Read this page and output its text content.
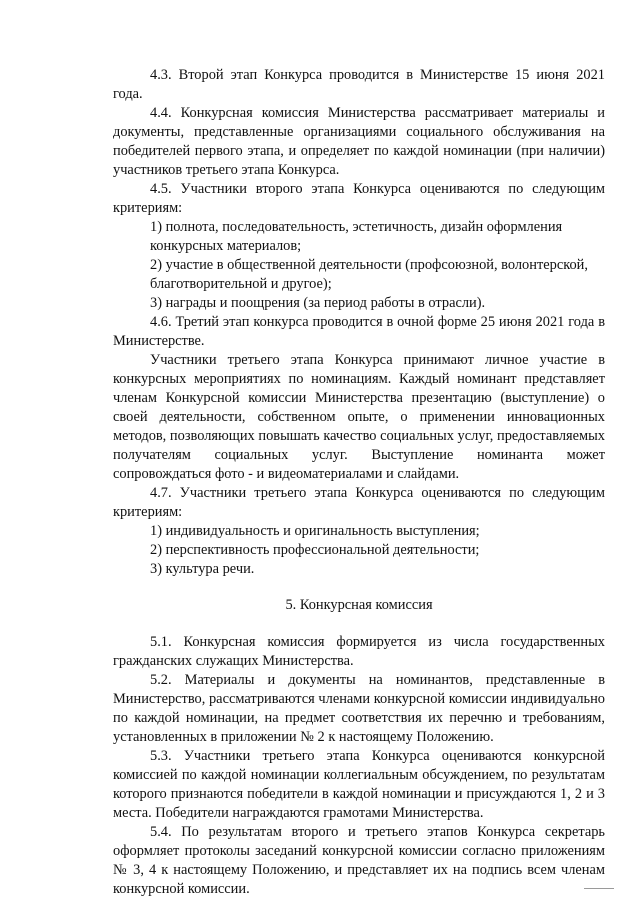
4.3. Второй этап Конкурса проводится в Министерстве 15 июня 2021 года.

4.4. Конкурсная комиссия Министерства рассматривает материалы и документы, представленные организациями социального обслуживания на победителей первого этапа, и определяет по каждой номинации (при наличии) участников третьего этапа Конкурса.

4.5. Участники второго этапа Конкурса оцениваются по следующим критериям:

1) полнота, последовательность, эстетичность, дизайн оформления конкурсных материалов;

2) участие в общественной деятельности (профсоюзной, волонтерской, благотворительной и другое);

3) награды и поощрения (за период работы в отрасли).

4.6. Третий этап конкурса проводится в очной форме 25 июня 2021 года в Министерстве.

Участники третьего этапа Конкурса принимают личное участие в конкурсных мероприятиях по номинациям. Каждый номинант представляет членам Конкурсной комиссии Министерства презентацию (выступление) о своей деятельности, собственном опыте, о применении инновационных методов, позволяющих повышать качество социальных услуг, предоставляемых получателям социальных услуг. Выступление номинанта может сопровождаться фото - и видеоматериалами и слайдами.

4.7. Участники третьего этапа Конкурса оцениваются по следующим критериям:

1) индивидуальность и оригинальность выступления;

2) перспективность профессиональной деятельности;

3) культура речи.

5. Конкурсная комиссия

5.1. Конкурсная комиссия формируется из числа государственных гражданских служащих Министерства.

5.2. Материалы и документы на номинантов, представленные в Министерство, рассматриваются членами конкурсной комиссии индивидуально по каждой номинации, на предмет соответствия их перечню и требованиям, установленных в приложении № 2 к настоящему Положению.

5.3. Участники третьего этапа Конкурса оцениваются конкурсной комиссией по каждой номинации коллегиальным обсуждением, по результатам которого признаются победители в каждой номинации и присуждаются 1, 2 и 3 места. Победители награждаются грамотами Министерства.

5.4. По результатам второго и третьего этапов Конкурса секретарь оформляет протоколы заседаний конкурсной комиссии согласно приложениям № 3, 4 к настоящему Положению, и представляет их на подпись всем членам конкурсной комиссии.
